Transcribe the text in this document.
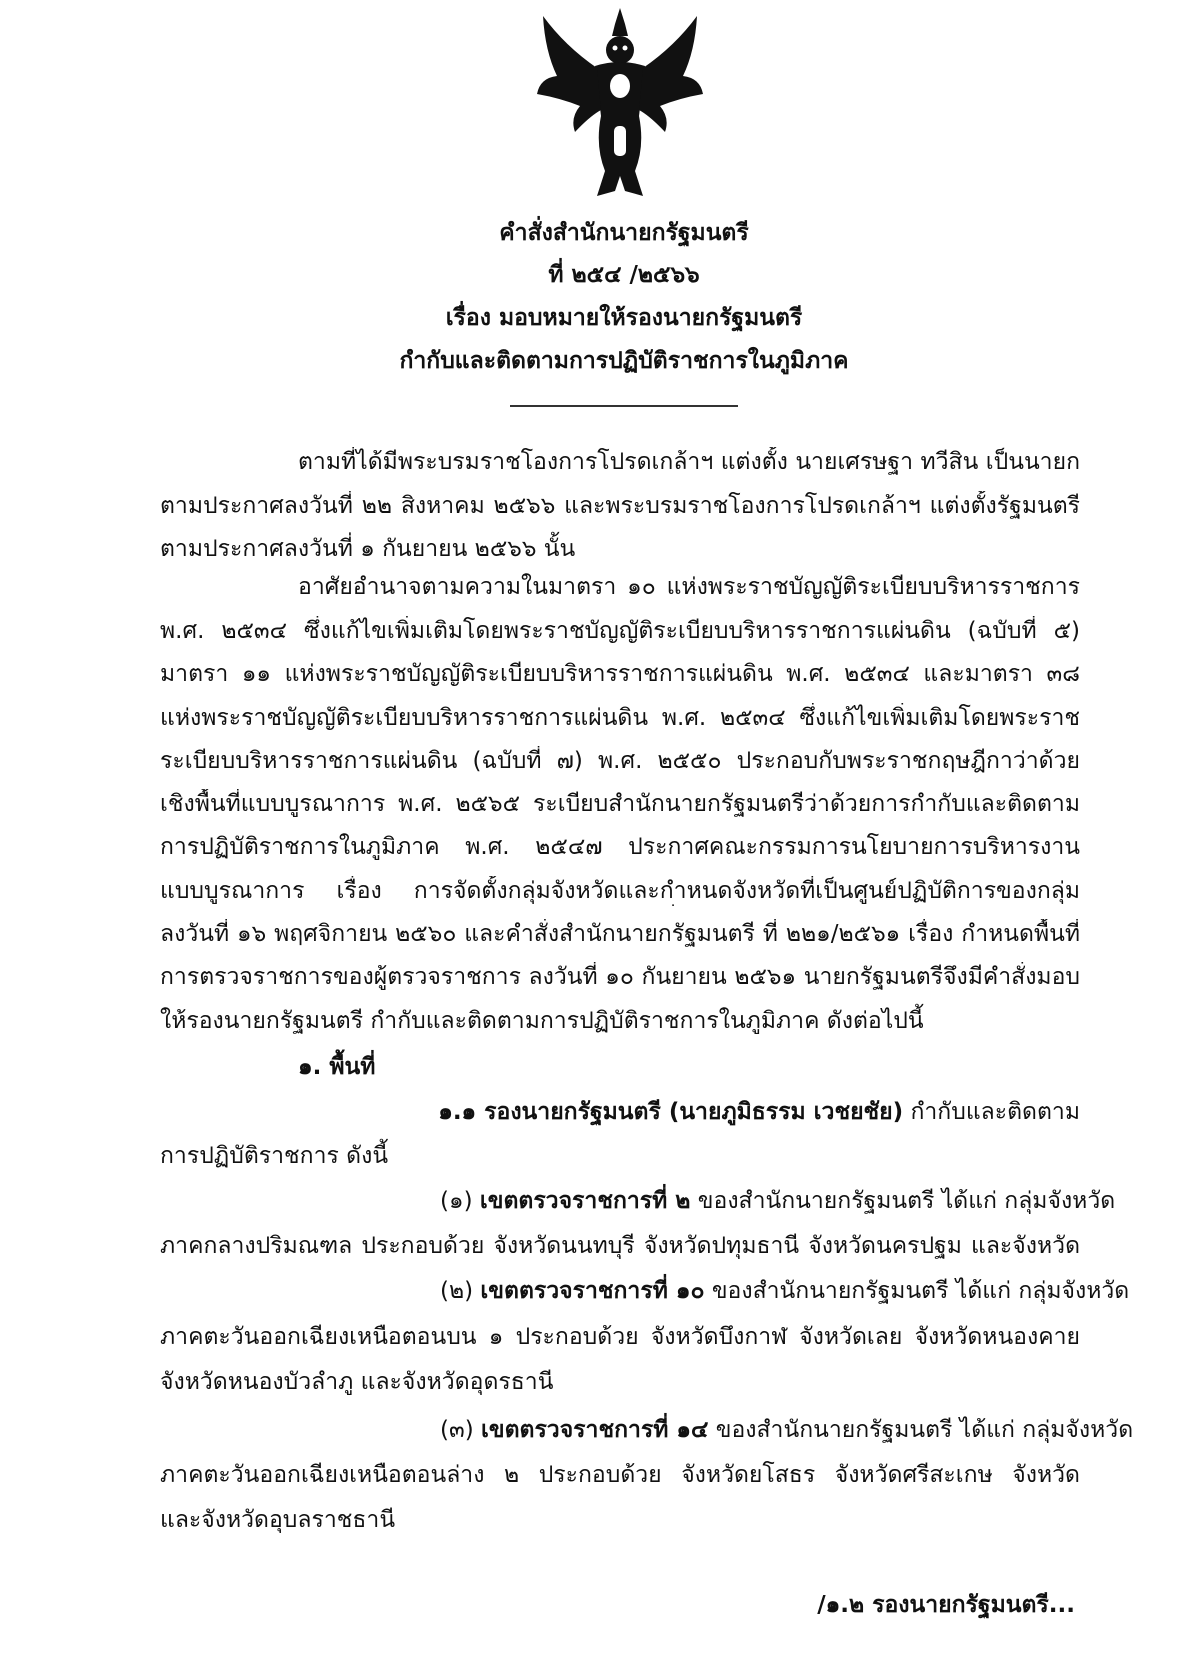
คำสั่งสำนักนายกรัฐมนตรี
ที่ ๒๕๔ /๒๕๖๖
เรื่อง มอบหมายให้รองนายกรัฐมนตรี
กำกับและติดตามการปฏิบัติราชการในภูมิภาค
ตามที่ได้มีพระบรมราชโองการโปรดเกล้าฯ แต่งตั้ง นายเศรษฐา ทวีสิน เป็นนายก
ตามประกาศลงวันที่ ๒๒ สิงหาคม ๒๕๖๖ และพระบรมราชโองการโปรดเกล้าฯ แต่งตั้งรัฐมนตรี
ตามประกาศลงวันที่ ๑ กันยายน ๒๕๖๖ นั้น
อาศัยอำนาจตามความในมาตรา ๑๐ แห่งพระราชบัญญัติระเบียบบริหารราชการ
พ.ศ. ๒๕๓๔ ซึ่งแก้ไขเพิ่มเติมโดยพระราชบัญญัติระเบียบบริหารราชการแผ่นดิน (ฉบับที่ ๕)
มาตรา ๑๑ แห่งพระราชบัญญัติระเบียบบริหารราชการแผ่นดิน พ.ศ. ๒๕๓๔ และมาตรา ๓๘
แห่งพระราชบัญญัติระเบียบบริหารราชการแผ่นดิน พ.ศ. ๒๕๓๔ ซึ่งแก้ไขเพิ่มเติมโดยพระราช
ระเบียบบริหารราชการแผ่นดิน (ฉบับที่ ๗) พ.ศ. ๒๕๕๐ ประกอบกับพระราชกฤษฎีกาว่าด้วย
เชิงพื้นที่แบบบูรณาการ พ.ศ. ๒๕๖๕ ระเบียบสำนักนายกรัฐมนตรีว่าด้วยการกำกับและติดตาม
การปฏิบัติราชการในภูมิภาค พ.ศ. ๒๕๔๗ ประกาศคณะกรรมการนโยบายการบริหารงาน
แบบบูรณาการ เรื่อง การจัดตั้งกลุ่มจังหวัดและกำหนดจังหวัดที่เป็นศูนย์ปฏิบัติการของกลุ่ม
ลงวันที่ ๑๖ พฤศจิกายน ๒๕๖๐ และคำสั่งสำนักนายกรัฐมนตรี ที่ ๒๒๑/๒๕๖๑ เรื่อง กำหนดพื้นที่
การตรวจราชการของผู้ตรวจราชการ ลงวันที่ ๑๐ กันยายน ๒๕๖๑ นายกรัฐมนตรีจึงมีคำสั่งมอบ
ให้รองนายกรัฐมนตรี กำกับและติดตามการปฏิบัติราชการในภูมิภาค ดังต่อไปนี้
๑. พื้นที่
๑.๑ รองนายกรัฐมนตรี (นายภูมิธรรม เวชยชัย) กำกับและติดตาม
การปฏิบัติราชการ ดังนี้
(๑) เขตตรวจราชการที่ ๒ ของสำนักนายกรัฐมนตรี ได้แก่ กลุ่มจังหวัด
ภาคกลางปริมณฑล ประกอบด้วย จังหวัดนนทบุรี จังหวัดปทุมธานี จังหวัดนครปฐม และจังหวัด
(๒) เขตตรวจราชการที่ ๑๐ ของสำนักนายกรัฐมนตรี ได้แก่ กลุ่มจังหวัด
ภาคตะวันออกเฉียงเหนือตอนบน ๑ ประกอบด้วย จังหวัดบึงกาฬ จังหวัดเลย จังหวัดหนองคาย
จังหวัดหนองบัวลำภู และจังหวัดอุดรธานี
(๓) เขตตรวจราชการที่ ๑๔ ของสำนักนายกรัฐมนตรี ได้แก่ กลุ่มจังหวัด
ภาคตะวันออกเฉียงเหนือตอนล่าง ๒ ประกอบด้วย จังหวัดยโสธร จังหวัดศรีสะเกษ จังหวัด
และจังหวัดอุบลราชธานี
/๑.๒ รองนายกรัฐมนตรี...
